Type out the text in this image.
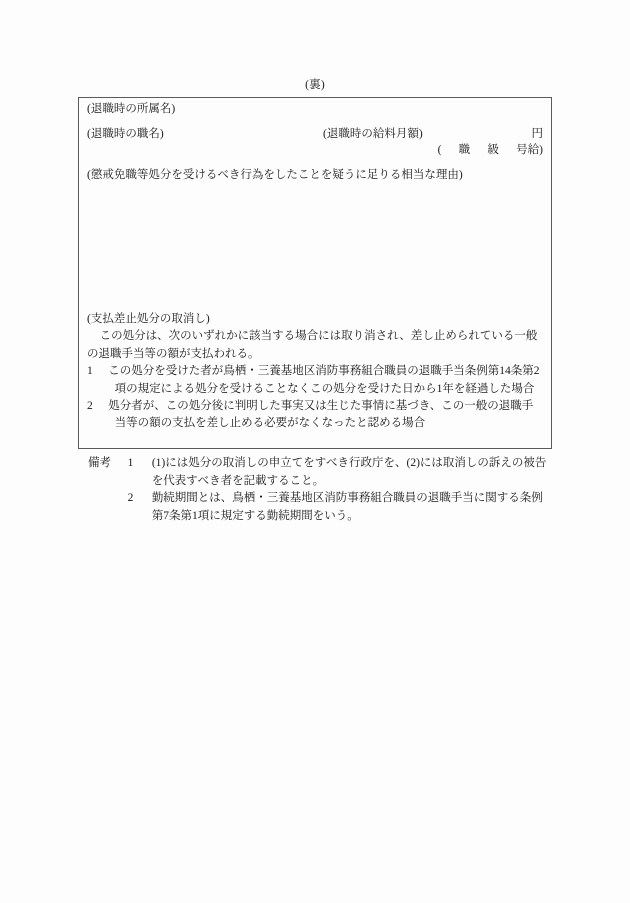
(裏)
(退職時の所属名)

(退職時の職名)	(退職時の給料月額)	円
(      職      級      号給)

(懲戒免職等処分を受けるべき行為をしたことを疑うに足りる相当な理由)

(支払差止処分の取消し)
この処分は、次のいずれかに該当する場合には取り消され、差し止められている一般の退職手当等の額が支払われる。
1	この処分を受けた者が鳥栖・三養基地区消防事務組合職員の退職手当条例第14条第2項の規定による処分を受けることなくこの処分を受けた日から1年を経過した場合
2	処分者が、この処分後に判明した事実又は生じた事情に基づき、この一般の退職手当等の額の支払を差し止める必要がなくなったと認める場合
備考	1	(1)には処分の取消しの申立てをすべき行政庁を、(2)には取消しの訴えの被告を代表すべき者を記載すること。
2	勤続期間とは、鳥栖・三養基地区消防事務組合職員の退職手当に関する条例第7条第1項に規定する勤続期間をいう。
